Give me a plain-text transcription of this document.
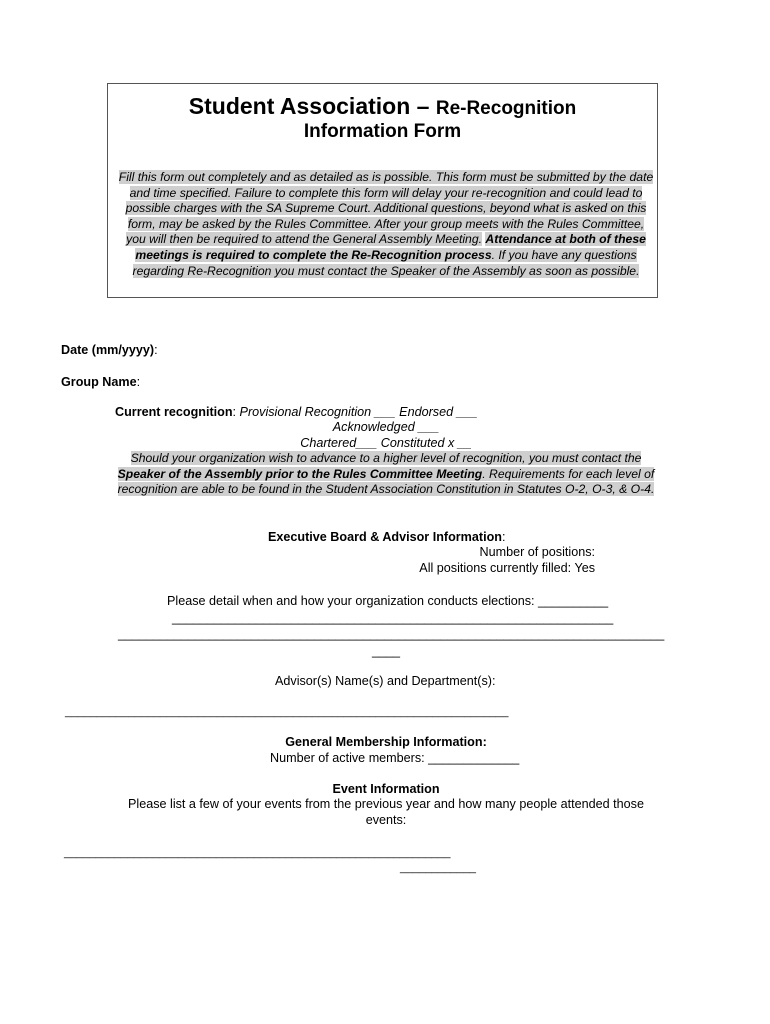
Student Association – Re-Recognition
Information Form
Fill this form out completely and as detailed as is possible. This form must be submitted by the date and time specified. Failure to complete this form will delay your re-recognition and could lead to possible charges with the SA Supreme Court. Additional questions, beyond what is asked on this form, may be asked by the Rules Committee. After your group meets with the Rules Committee, you will then be required to attend the General Assembly Meeting. Attendance at both of these meetings is required to complete the Re-Recognition process. If you have any questions regarding Re-Recognition you must contact the Speaker of the Assembly as soon as possible.
Date (mm/yyyy):
Group Name:
Current recognition: Provisional Recognition ___ Endorsed ___
Acknowledged ___
Chartered___ Constituted x __
Should your organization wish to advance to a higher level of recognition, you must contact the Speaker of the Assembly prior to the Rules Committee Meeting. Requirements for each level of recognition are able to be found in the Student Association Constitution in Statutes O-2, O-3, & O-4.
Executive Board & Advisor Information:
Number of positions:
All positions currently filled: Yes
Please detail when and how your organization conducts elections: __________
_______________________________________________________________
______________________________________________________________________________
____
Advisor(s) Name(s) and Department(s):
______________________________________________________________________
General Membership Information:
Number of active members: _____________
Event Information
Please list a few of your events from the previous year and how many people attended those
events:
_____________________________________________________________
____________
